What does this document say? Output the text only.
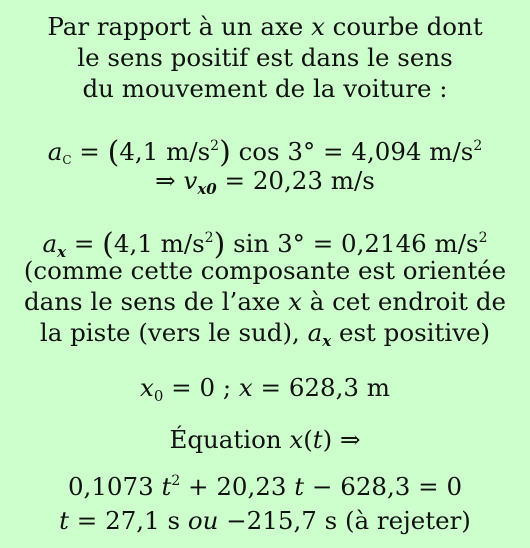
Par rapport à un axe x courbe dont
le sens positif est dans le sens
du mouvement de la voiture :
aC = (4,1 $m/s^2$) cos 3° = 4,094 $m/s^2$
⇒ $v_{x0} = 20,23$ m/s
$a_x = (4,1$ $m/s^2$) sin 3° = 0,2146 $m/s^2$
(comme cette composante est orientée
dans le sens de l’axe x à cet endroit de
la piste (vers le sud), $a_x$ est positive)
$x_0 = 0$ ; x = 628,3 m
Équation x(t) ⇒
0,1073 $t^2 + 20,23$ t − 628,3 = 0
t = 27,1 s ou −215,7 s (à rejeter)
